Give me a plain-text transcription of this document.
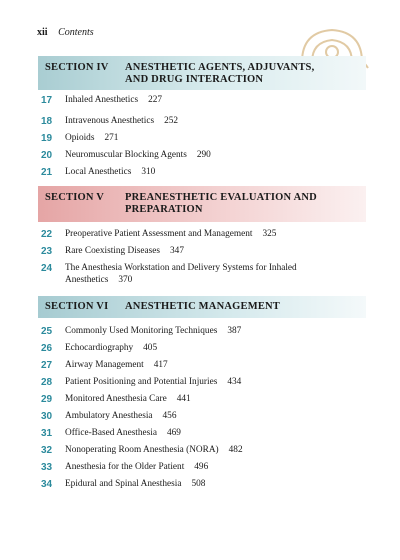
xii Contents
SECTION IV	ANESTHETIC AGENTS, ADJUVANTS, AND DRUG INTERACTION
17	Inhaled Anesthetics 227
18	Intravenous Anesthetics 252
19	Opioids 271
20	Neuromuscular Blocking Agents 290
21	Local Anesthetics 310
SECTION V	PREANESTHETIC EVALUATION AND PREPARATION
22	Preoperative Patient Assessment and Management 325
23	Rare Coexisting Diseases 347
24	The Anesthesia Workstation and Delivery Systems for Inhaled Anesthetics 370
SECTION VI	ANESTHETIC MANAGEMENT
25	Commonly Used Monitoring Techniques 387
26	Echocardiography 405
27	Airway Management 417
28	Patient Positioning and Potential Injuries 434
29	Monitored Anesthesia Care 441
30	Ambulatory Anesthesia 456
31	Office-Based Anesthesia 469
32	Nonoperating Room Anesthesia (NORA) 482
33	Anesthesia for the Older Patient 496
34	Epidural and Spinal Anesthesia 508
